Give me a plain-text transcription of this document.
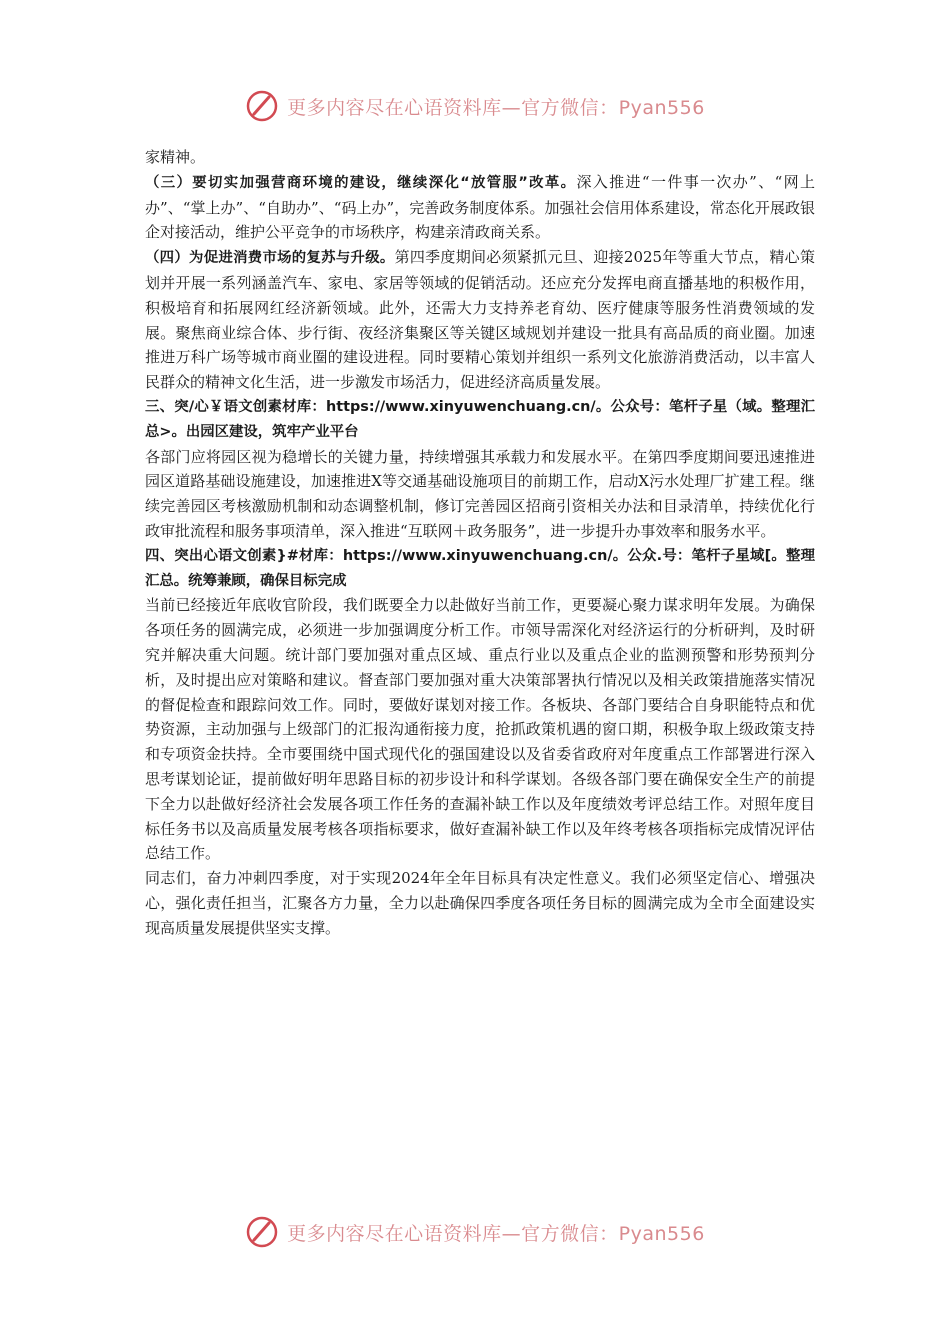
更多内容尽在心语资料库—官方微信：Pyan556

家精神。

（三）要切实加强营商环境的建设，继续深化“放管服”改革。深入推进“一件事一次办”、“网上办”、“掌上办”、“自助办”、“码上办”，完善政务制度体系。加强社会信用体系建设，常态化开展政银企对接活动，维护公平竞争的市场秩序，构建亲清政商关系。

（四）为促进消费市场的复苏与升级。第四季度期间必须紧抓元旦、迎接2025年等重大节点，精心策划并开展一系列涵盖汽车、家电、家居等领域的促销活动。还应充分发挥电商直播基地的积极作用，积极培育和拓展网红经济新领域。此外，还需大力支持养老育幼、医疗健康等服务性消费领域的发展。聚焦商业综合体、步行街、夜经济集聚区等关键区域规划并建设一批具有高品质的商业圈。加速推进万科广场等城市商业圈的建设进程。同时要精心策划并组织一系列文化旅游消费活动，以丰富人民群众的精神文化生活，进一步激发市场活力，促进经济高质量发展。

三、突/心￥语文创素材库：https://www.xinyuwenchuang.cn/。公众号：笔杆子星（域。整理汇总>。出园区建设，筑牢产业平台

各部门应将园区视为稳增长的关键力量，持续增强其承载力和发展水平。在第四季度期间要迅速推进园区道路基础设施建设，加速推进X等交通基础设施项目的前期工作，启动X污水处理厂扩建工程。继续完善园区考核激励机制和动态调整机制，修订完善园区招商引资相关办法和目录清单，持续优化行政审批流程和服务事项清单，深入推进“互联网＋政务服务”，进一步提升办事效率和服务水平。

四、突出心语文创素}#材库：https://www.xinyuwenchuang.cn/。公众.号：笔杆子星域[。整理汇总。统筹兼顾，确保目标完成

当前已经接近年底收官阶段，我们既要全力以赴做好当前工作，更要凝心聚力谋求明年发展。为确保各项任务的圆满完成，必须进一步加强调度分析工作。市领导需深化对经济运行的分析研判，及时研究并解决重大问题。统计部门要加强对重点区域、重点行业以及重点企业的监测预警和形势预判分析，及时提出应对策略和建议。督查部门要加强对重大决策部署执行情况以及相关政策措施落实情况的督促检查和跟踪问效工作。同时，要做好谋划对接工作。各板块、各部门要结合自身职能特点和优势资源，主动加强与上级部门的汇报沟通衔接力度，抢抓政策机遇的窗口期，积极争取上级政策支持和专项资金扶持。全市要围绕中国式现代化的强国建设以及省委省政府对年度重点工作部署进行深入思考谋划论证，提前做好明年思路目标的初步设计和科学谋划。各级各部门要在确保安全生产的前提下全力以赴做好经济社会发展各项工作任务的查漏补缺工作以及年度绩效考评总结工作。对照年度目标任务书以及高质量发展考核各项指标要求，做好查漏补缺工作以及年终考核各项指标完成情况评估总结工作。

同志们，奋力冲刺四季度，对于实现2024年全年目标具有决定性意义。我们必须坚定信心、增强决心，强化责任担当，汇聚各方力量，全力以赴确保四季度各项任务目标的圆满完成为全市全面建设实现高质量发展提供坚实支撑。

更多内容尽在心语资料库—官方微信：Pyan556
